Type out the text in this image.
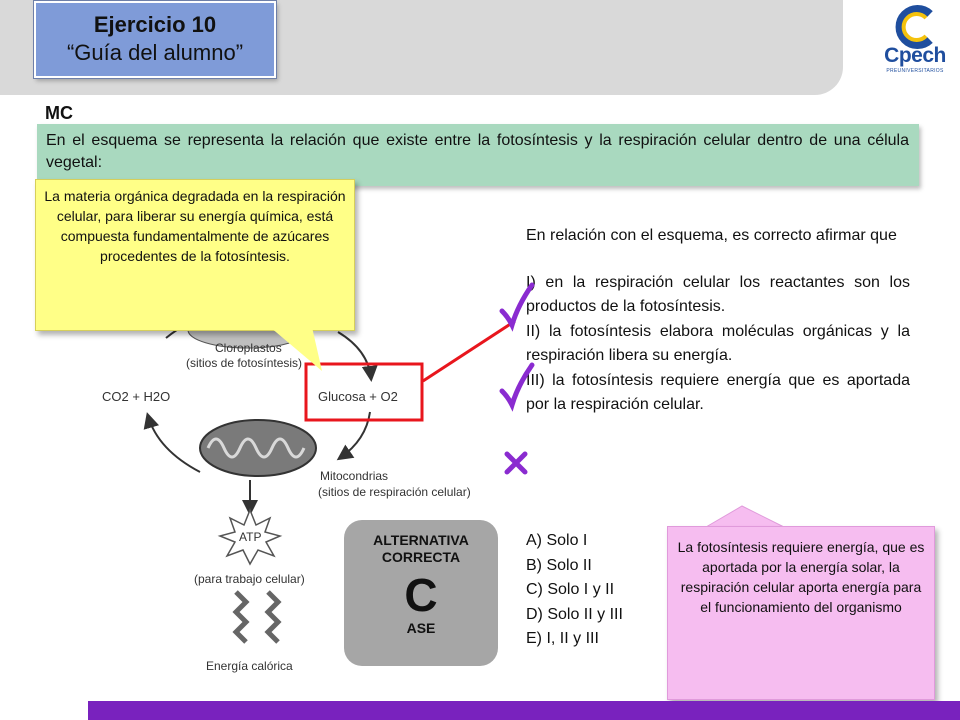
Ejercicio 10
“Guía del alumno”	Cpech
PREUNIVERSITARIOS
MC

En el esquema se representa la relación que existe entre la fotosíntesis y la respiración celular dentro de una célula vegetal:

Cloroplastos
(sitios de fotosíntesis)
CO2 + H2O	Glucosa + O2
Mitocondrias
(sitios de respiración celular)
ATP
(para trabajo celular)
Energía calórica

La materia orgánica degradada en la respiración celular, para liberar su energía química, está compuesta fundamentalmente de azúcares procedentes de la fotosíntesis.

En relación con el esquema, es correcto afirmar que

I) en la respiración celular los reactantes son los productos de la fotosíntesis.

II) la fotosíntesis elabora moléculas orgánicas y la respiración libera su energía.

III) la fotosíntesis requiere energía que es aportada por la respiración celular.

A) Solo I
B) Solo II
C) Solo I y II
D) Solo II y III
E) I, II y III
ALTERNATIVA
CORRECTA
C
ASE

La fotosíntesis requiere energía, que es aportada por la energía solar, la respiración celular aporta energía para el funcionamiento del organismo
